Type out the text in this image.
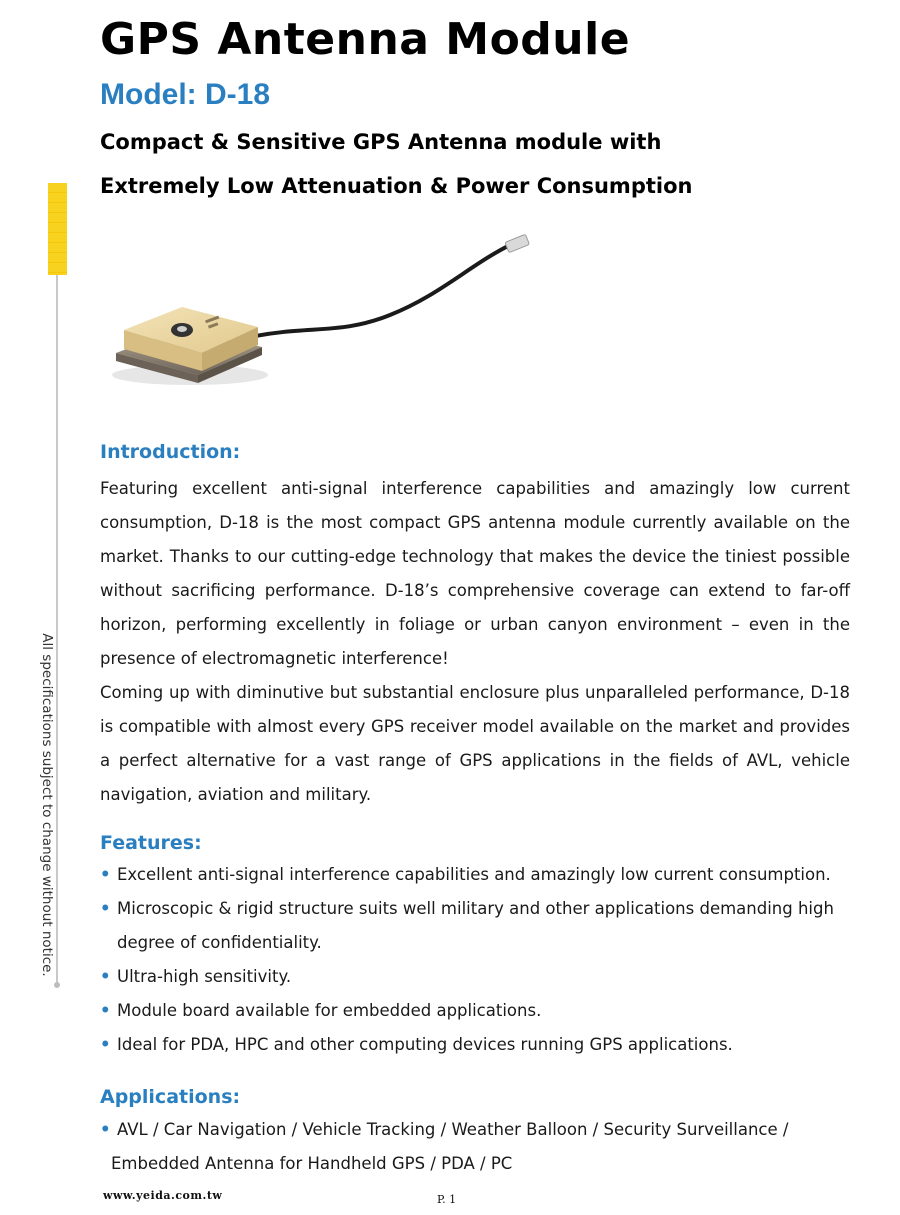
GPS Antenna Module
Model: D-18

Compact & Sensitive GPS Antenna module with

Extremely Low Attenuation & Power Consumption

All specifications subject to change without notice.
Introduction:

Featuring excellent anti-signal interference capabilities and amazingly low current consumption, D-18 is the most compact GPS antenna module currently available on the market. Thanks to our cutting-edge technology that makes the device the tiniest possible without sacrificing performance. D-18’s comprehensive coverage can extend to far-off horizon, performing excellently in foliage or urban canyon environment – even in the presence of electromagnetic interference!

Coming up with diminutive but substantial enclosure plus unparalleled performance, D-18 is compatible with almost every GPS receiver model available on the market and provides a perfect alternative for a vast range of GPS applications in the fields of AVL, vehicle navigation, aviation and military.

Features:
• Excellent anti-signal interference capabilities and amazingly low current consumption.
• Microscopic & rigid structure suits well military and other applications demanding high degree of confidentiality.
• Ultra-high sensitivity.
• Module board available for embedded applications.
• Ideal for PDA, HPC and other computing devices running GPS applications.
Applications:
• AVL / Car Navigation / Vehicle Tracking / Weather Balloon / Security Surveillance /
Embedded Antenna for Handheld GPS / PDA / PC

www.yeida.com.tw	P. 1
